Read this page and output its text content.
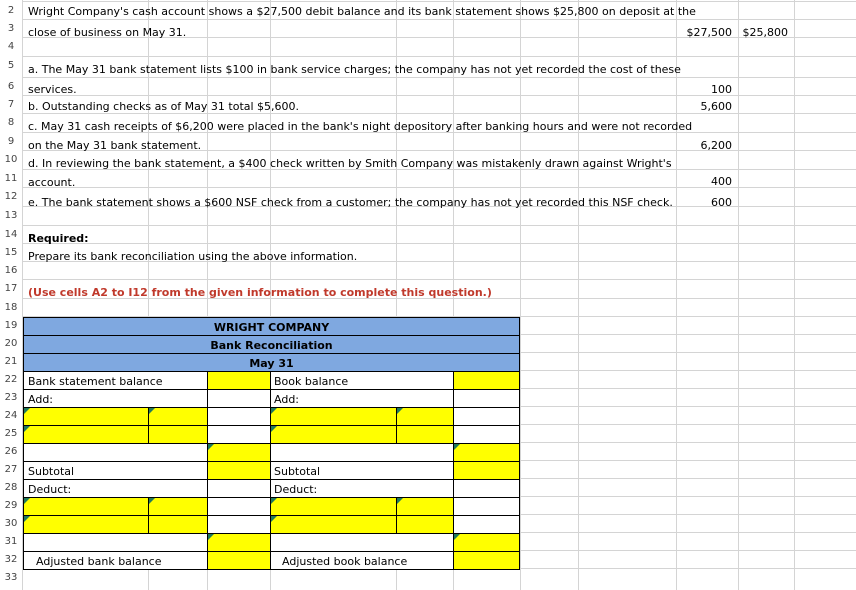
2
3
4
5
6
7
8
9
10
11
12
13
14
15
16
17
18
19
20
21
22
23
24
25
26
27
28
29
30
31
32
33
Wright Company's cash account shows a $27,500 debit balance and its bank statement shows $25,800 on deposit at the
close of business on May 31.	$27,500 $25,800
a. The May 31 bank statement lists $100 in bank service charges; the company has not yet recorded the cost of these
services.	100
b. Outstanding checks as of May 31 total $5,600.	5,600
c. May 31 cash receipts of $6,200 were placed in the bank's night depository after banking hours and were not recorded
on the May 31 bank statement.	6,200
d. In reviewing the bank statement, a $400 check written by Smith Company was mistakenly drawn against Wright's
account.	400
e. The bank statement shows a $600 NSF check from a customer; the company has not yet recorded this NSF check.	600
Required:
Prepare its bank reconciliation using the above information.
(Use cells A2 to I12 from the given information to complete this question.)
WRIGHT COMPANY
Bank Reconciliation
May 31
Bank statement balance	Book balance
Add:	Add:
Subtotal	Subtotal
Deduct:	Deduct:
Adjusted bank balance	Adjusted book balance
